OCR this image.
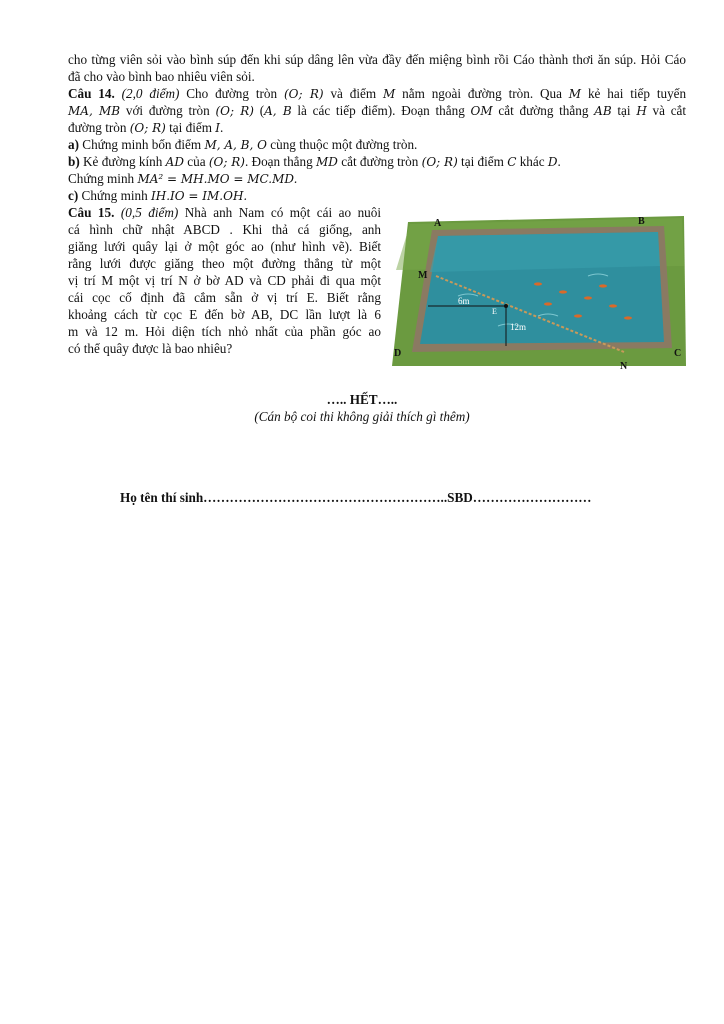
cho từng viên sỏi vào bình súp đến khi súp dâng lên vừa đầy đến miệng bình rồi Cáo thành thơi ăn súp. Hỏi Cáo
đã cho vào bình bao nhiêu viên sỏi.
Câu 14. (2,0 điểm) Cho đường tròn (O; R) và điểm M nằm ngoài đường tròn. Qua M kẻ hai tiếp tuyến
MA, MB với đường tròn (O; R) (A, B là các tiếp điểm). Đoạn thẳng OM cắt đường thẳng AB tại H và cắt
đường tròn (O; R) tại điểm I.
a) Chứng minh bốn điểm M, A, B, O cùng thuộc một đường tròn.
b) Kẻ đường kính AD của (O; R). Đoạn thẳng MD cắt đường tròn (O; R) tại điểm C khác D.
Chứng minh MA² = MH.MO = MC.MD.
c) Chứng minh IH.IO = IM.OH.
Câu 15. (0,5 điểm) Nhà anh Nam có một cái ao nuôi
cá hình chữ nhật ABCD . Khi thả cá giống, anh
giăng lưới quây lại ở một góc ao (như hình vẽ). Biết
rằng lưới được giăng theo một đường thẳng từ một
vị trí M một vị trí N ở bờ AD và CD phải đi qua một
cái cọc cố định đã cắm sẵn ở vị trí E. Biết rằng
khoảng cách từ cọc E đến bờ AB, DC lần lượt là 6
m và 12 m. Hỏi diện tích nhỏ nhất của phần góc ao
có thể quây được là bao nhiêu?
A	B
C
D
M
N
E
6m
12m
….. HẾT…..
(Cán bộ coi thi không giải thích gì thêm)
Họ tên thí sinh………………………………………………..SBD………………………
